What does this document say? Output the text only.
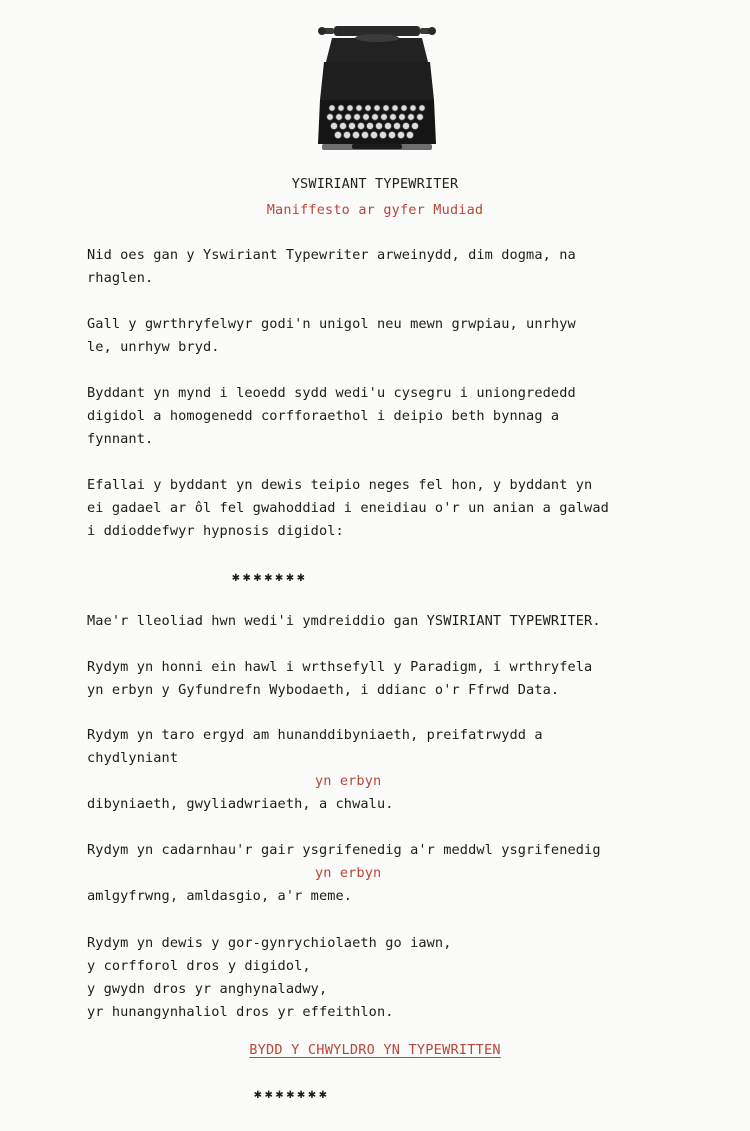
YSWIRIANT TYPEWRITER
Maniffesto ar gyfer Mudiad
Nid oes gan y Yswiriant Typewriter arweinydd, dim dogma, na
rhaglen.
Gall y gwrthryfelwyr godi'n unigol neu mewn grwpiau, unrhyw
le, unrhyw bryd.
Byddant yn mynd i leoedd sydd wedi'u cysegru i uniongrededd
digidol a homogenedd corfforaethol i deipio beth bynnag a
fynnant.
Efallai y byddant yn dewis teipio neges fel hon, y byddant yn
ei gadael ar ôl fel gwahoddiad i eneidiau o'r un anian a galwad
i ddioddefwyr hypnosis digidol:
✱✱✱✱✱✱✱
Mae'r lleoliad hwn wedi'i ymdreiddio gan YSWIRIANT TYPEWRITER.
Rydym yn honni ein hawl i wrthsefyll y Paradigm, i wrthryfela
yn erbyn y Gyfundrefn Wybodaeth, i ddianc o'r Ffrwd Data.
Rydym yn taro ergyd am hunanddibyniaeth, preifatrwydd a
chydlyniant
yn erbyn
dibyniaeth, gwyliadwriaeth, a chwalu.
Rydym yn cadarnhau'r gair ysgrifenedig a'r meddwl ysgrifenedig
yn erbyn
amlgyfrwng, amldasgio, a'r meme.
Rydym yn dewis y gor-gynrychiolaeth go iawn,
y corfforol dros y digidol,
y gwydn dros yr anghynaladwy,
yr hunangynhaliol dros yr effeithlon.
BYDD Y CHWYLDRO YN TYPEWRITTEN
✱✱✱✱✱✱✱
